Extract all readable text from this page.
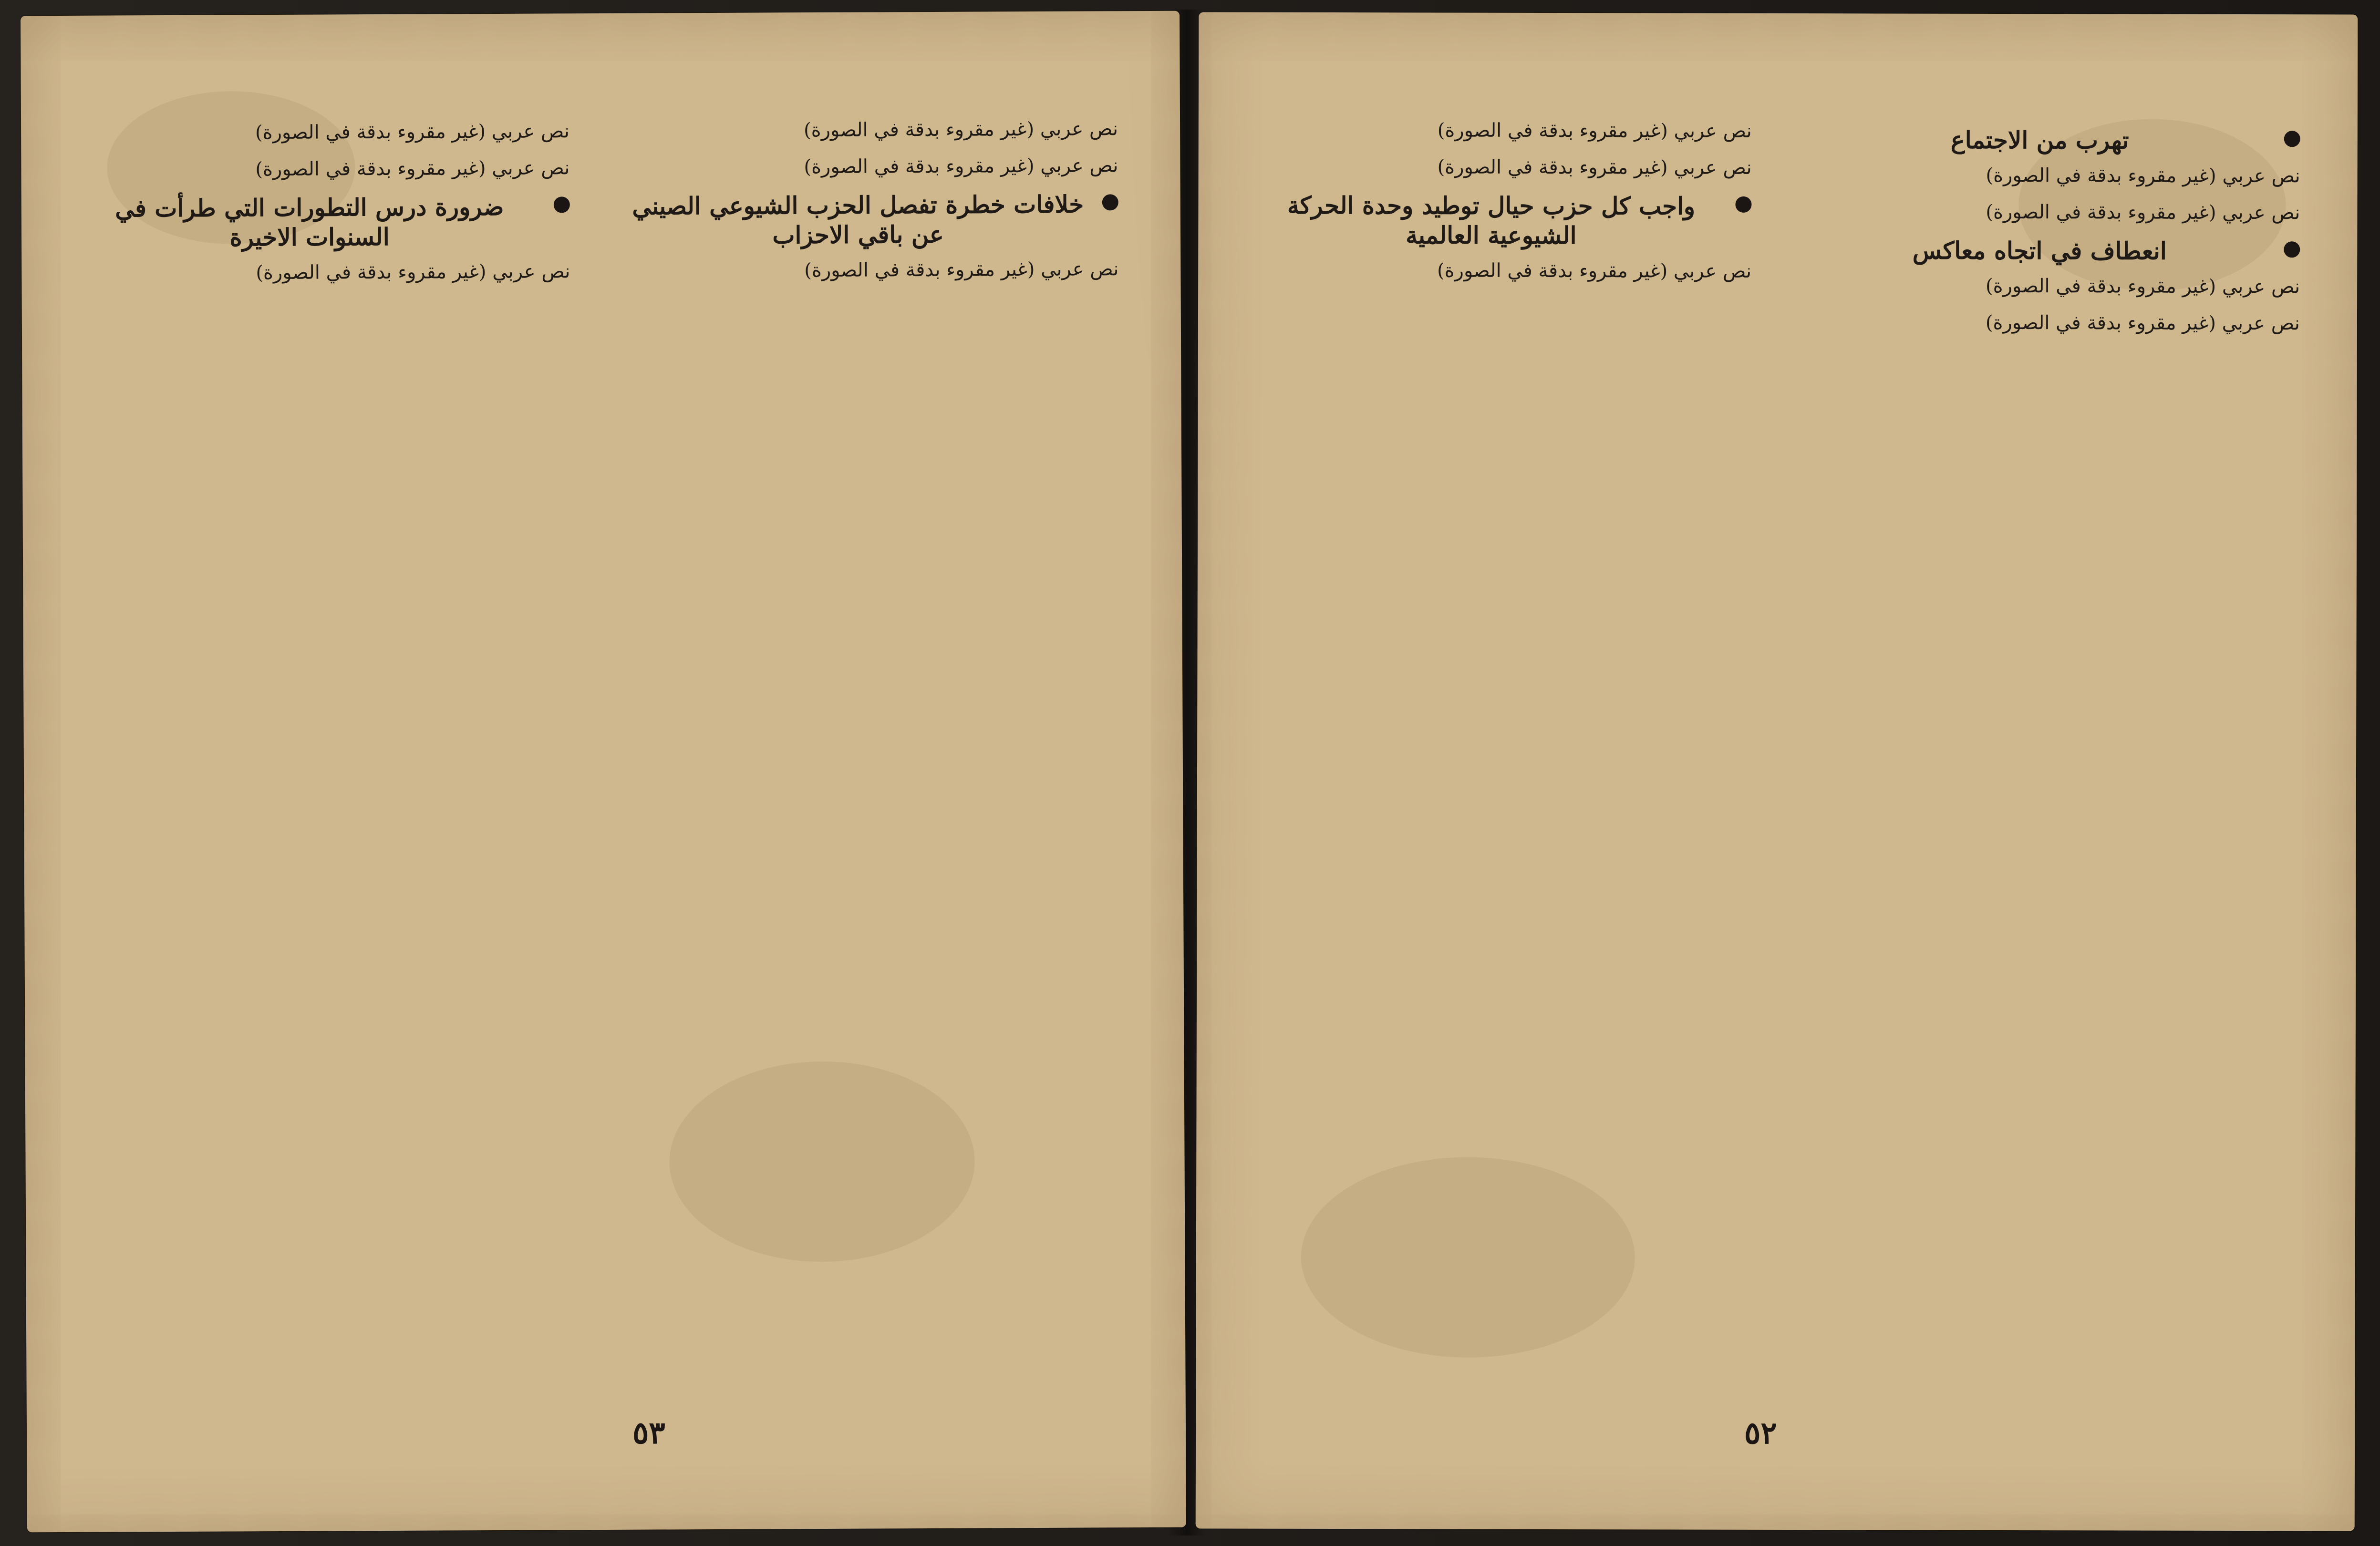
نص عربي (غير مقروء بدقة في الصورة)

نص عربي (غير مقروء بدقة في الصورة)

ضرورة درس التطورات التي طرأت في السنوات الاخيرة

نص عربي (غير مقروء بدقة في الصورة)

نص عربي (غير مقروء بدقة في الصورة)

نص عربي (غير مقروء بدقة في الصورة)

خلافات خطرة تفصل الحزب الشيوعي الصيني عن باقي الاحزاب

نص عربي (غير مقروء بدقة في الصورة)

٥٣

نص عربي (غير مقروء بدقة في الصورة)

نص عربي (غير مقروء بدقة في الصورة)

واجب كل حزب حيال توطيد وحدة الحركة الشيوعية العالمية

نص عربي (غير مقروء بدقة في الصورة)

تهرب من الاجتماع

نص عربي (غير مقروء بدقة في الصورة)

نص عربي (غير مقروء بدقة في الصورة)

انعطاف في اتجاه معاكس

نص عربي (غير مقروء بدقة في الصورة)

نص عربي (غير مقروء بدقة في الصورة)

٥٢
